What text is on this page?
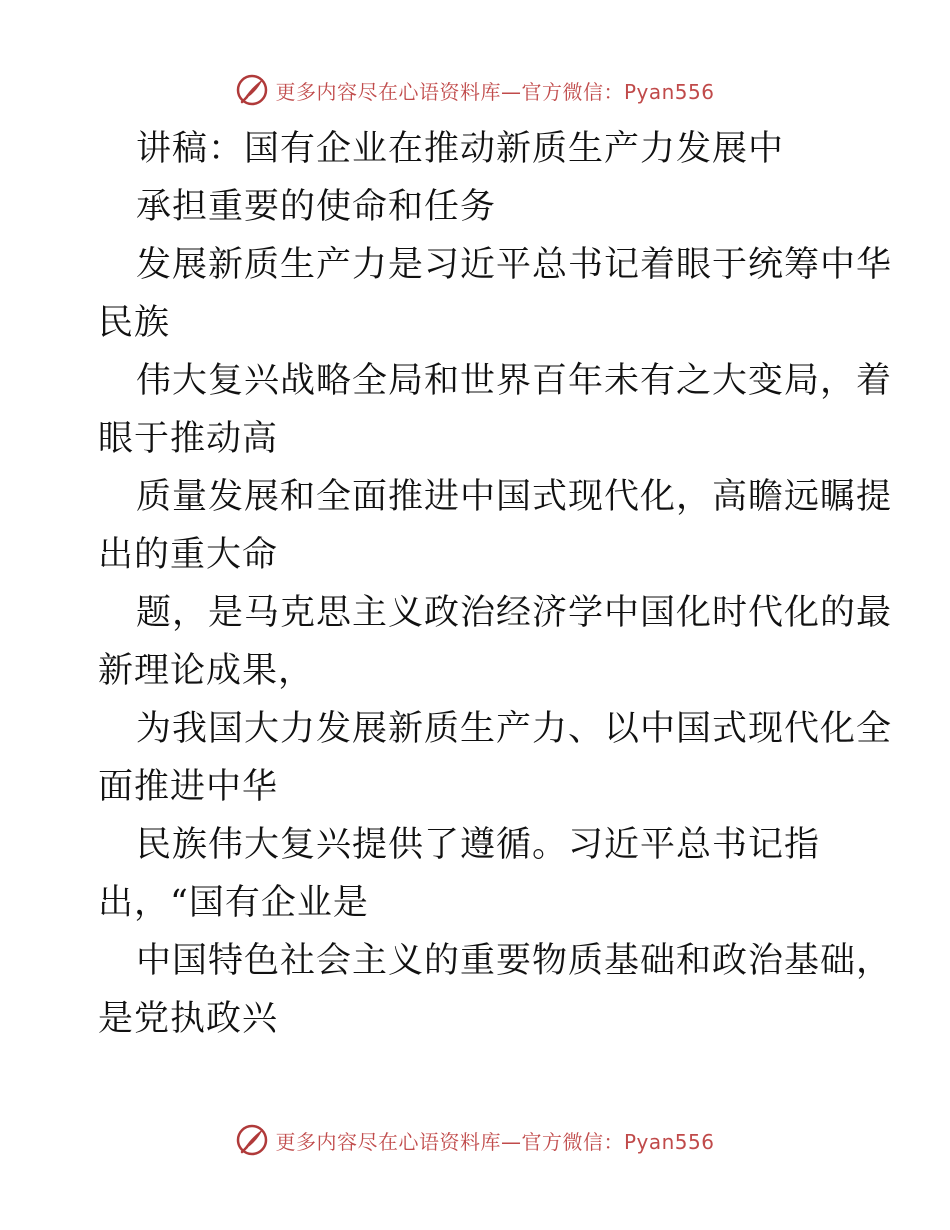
更多内容尽在心语资料库—官方微信：Pyan556

讲稿：国有企业在推动新质生产力发展中

承担重要的使命和任务

发展新质生产力是习近平总书记着眼于统筹中华

民族

伟大复兴战略全局和世界百年未有之大变局，着

眼于推动高

质量发展和全面推进中国式现代化，高瞻远瞩提

出的重大命

题，是马克思主义政治经济学中国化时代化的最

新理论成果，

为我国大力发展新质生产力、以中国式现代化全

面推进中华

民族伟大复兴提供了遵循。习近平总书记指

出，“国有企业是

中国特色社会主义的重要物质基础和政治基础，

是党执政兴

更多内容尽在心语资料库—官方微信：Pyan556
